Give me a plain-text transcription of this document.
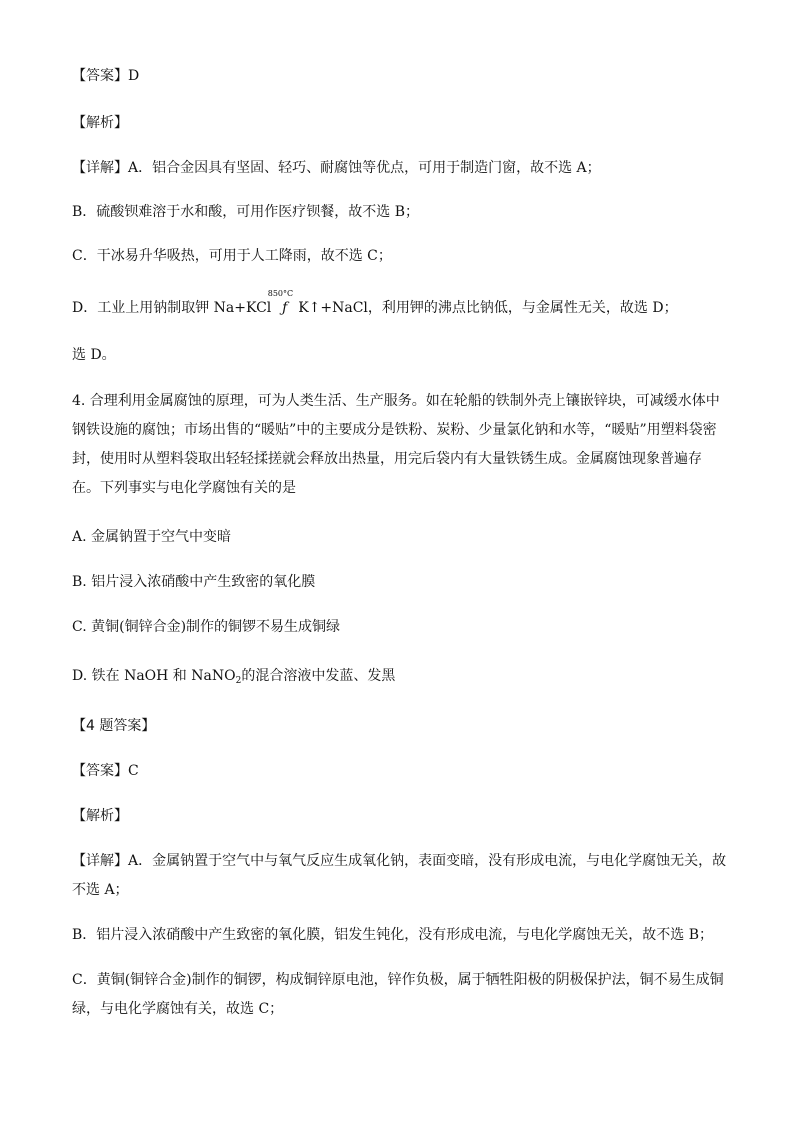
【答案】D
【解析】
【详解】A．铝合金因具有坚固、轻巧、耐腐蚀等优点，可用于制造门窗，故不选 A；
B．硫酸钡难溶于水和酸，可用作医疗钡餐，故不选 B；
C．干冰易升华吸热，可用于人工降雨，故不选 C；
D．工业上用钠制取钾 Na+KCl
850°C
ƒ K↑+NaCl，利用钾的沸点比钠低，与金属性无关，故选 D；
选 D。
4. 合理利用金属腐蚀的原理，可为人类生活、生产服务。如在轮船的铁制外壳上镶嵌锌块，可减缓水体中
钢铁设施的腐蚀；市场出售的“暖贴”中的主要成分是铁粉、炭粉、少量氯化钠和水等，“暖贴”用塑料袋密
封，使用时从塑料袋取出轻轻揉搓就会释放出热量，用完后袋内有大量铁锈生成。金属腐蚀现象普遍存
在。下列事实与电化学腐蚀有关的是
A. 金属钠置于空气中变暗
B. 铝片浸入浓硝酸中产生致密的氧化膜
C. 黄铜(铜锌合金)制作的铜锣不易生成铜绿
D. 铁在 NaOH 和 NaNO$_2$的混合溶液中发蓝、发黑
【4 题答案】
【答案】C
【解析】
【详解】A．金属钠置于空气中与氧气反应生成氧化钠，表面变暗，没有形成电流，与电化学腐蚀无关，故
不选 A；
B．铝片浸入浓硝酸中产生致密的氧化膜，铝发生钝化，没有形成电流，与电化学腐蚀无关，故不选 B；
C．黄铜(铜锌合金)制作的铜锣，构成铜锌原电池，锌作负极，属于牺牲阳极的阴极保护法，铜不易生成铜
绿，与电化学腐蚀有关，故选 C；
